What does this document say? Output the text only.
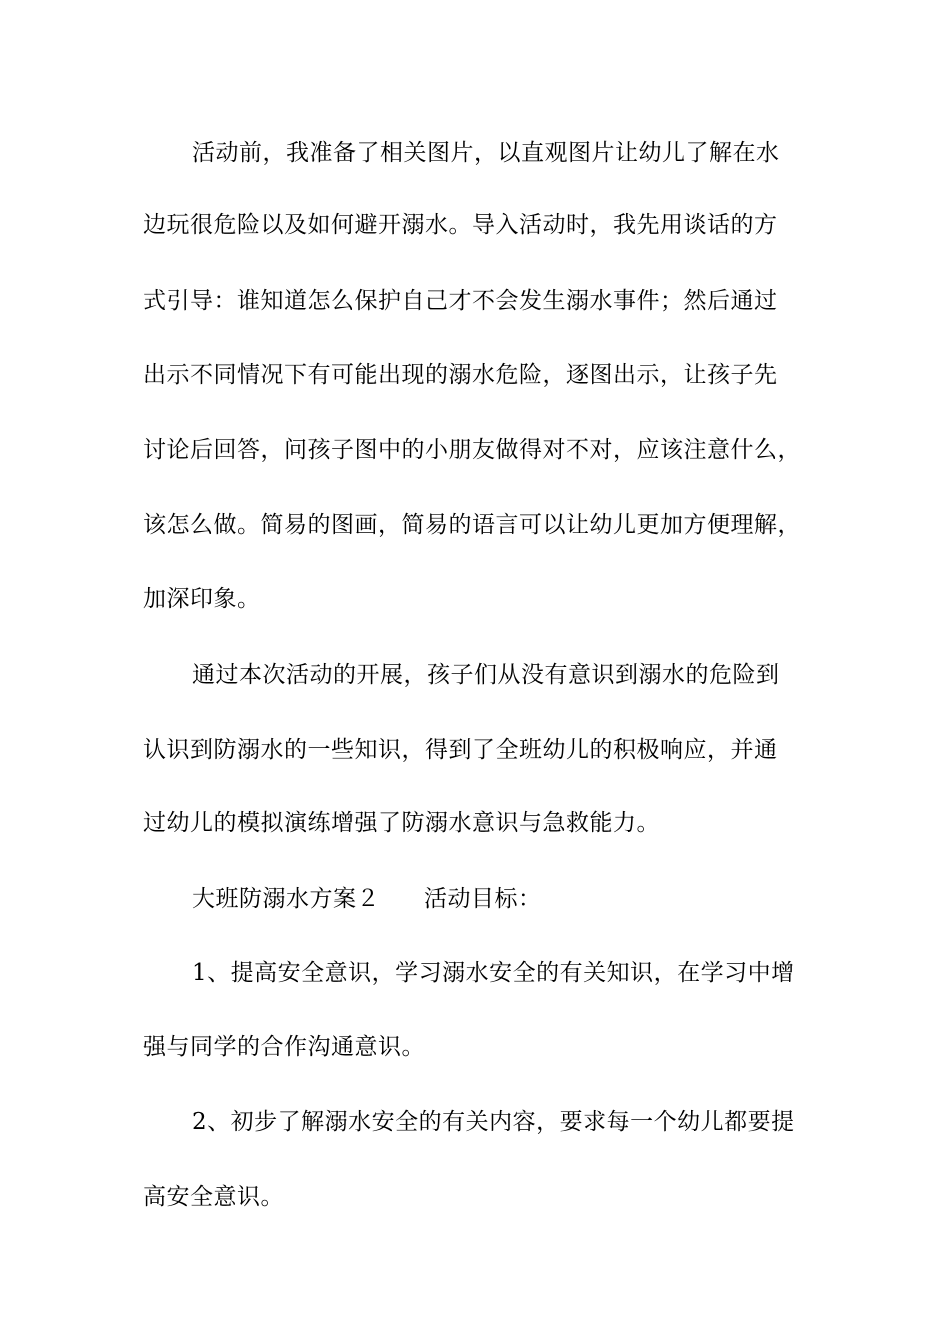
活动前，我准备了相关图片，以直观图片让幼儿了解在水
边玩很危险以及如何避开溺水。导入活动时，我先用谈话的方
式引导：谁知道怎么保护自己才不会发生溺水事件；然后通过
出示不同情况下有可能出现的溺水危险，逐图出示，让孩子先
讨论后回答，问孩子图中的小朋友做得对不对，应该注意什么，
该怎么做。简易的图画，简易的语言可以让幼儿更加方便理解，
加深印象。
通过本次活动的开展，孩子们从没有意识到溺水的危险到
认识到防溺水的一些知识，得到了全班幼儿的积极响应，并通
过幼儿的模拟演练增强了防溺水意识与急救能力。
大班防溺水方案２ 活动目标：
1、提高安全意识，学习溺水安全的有关知识，在学习中增
强与同学的合作沟通意识。
2、初步了解溺水安全的有关内容，要求每一个幼儿都要提
高安全意识。
